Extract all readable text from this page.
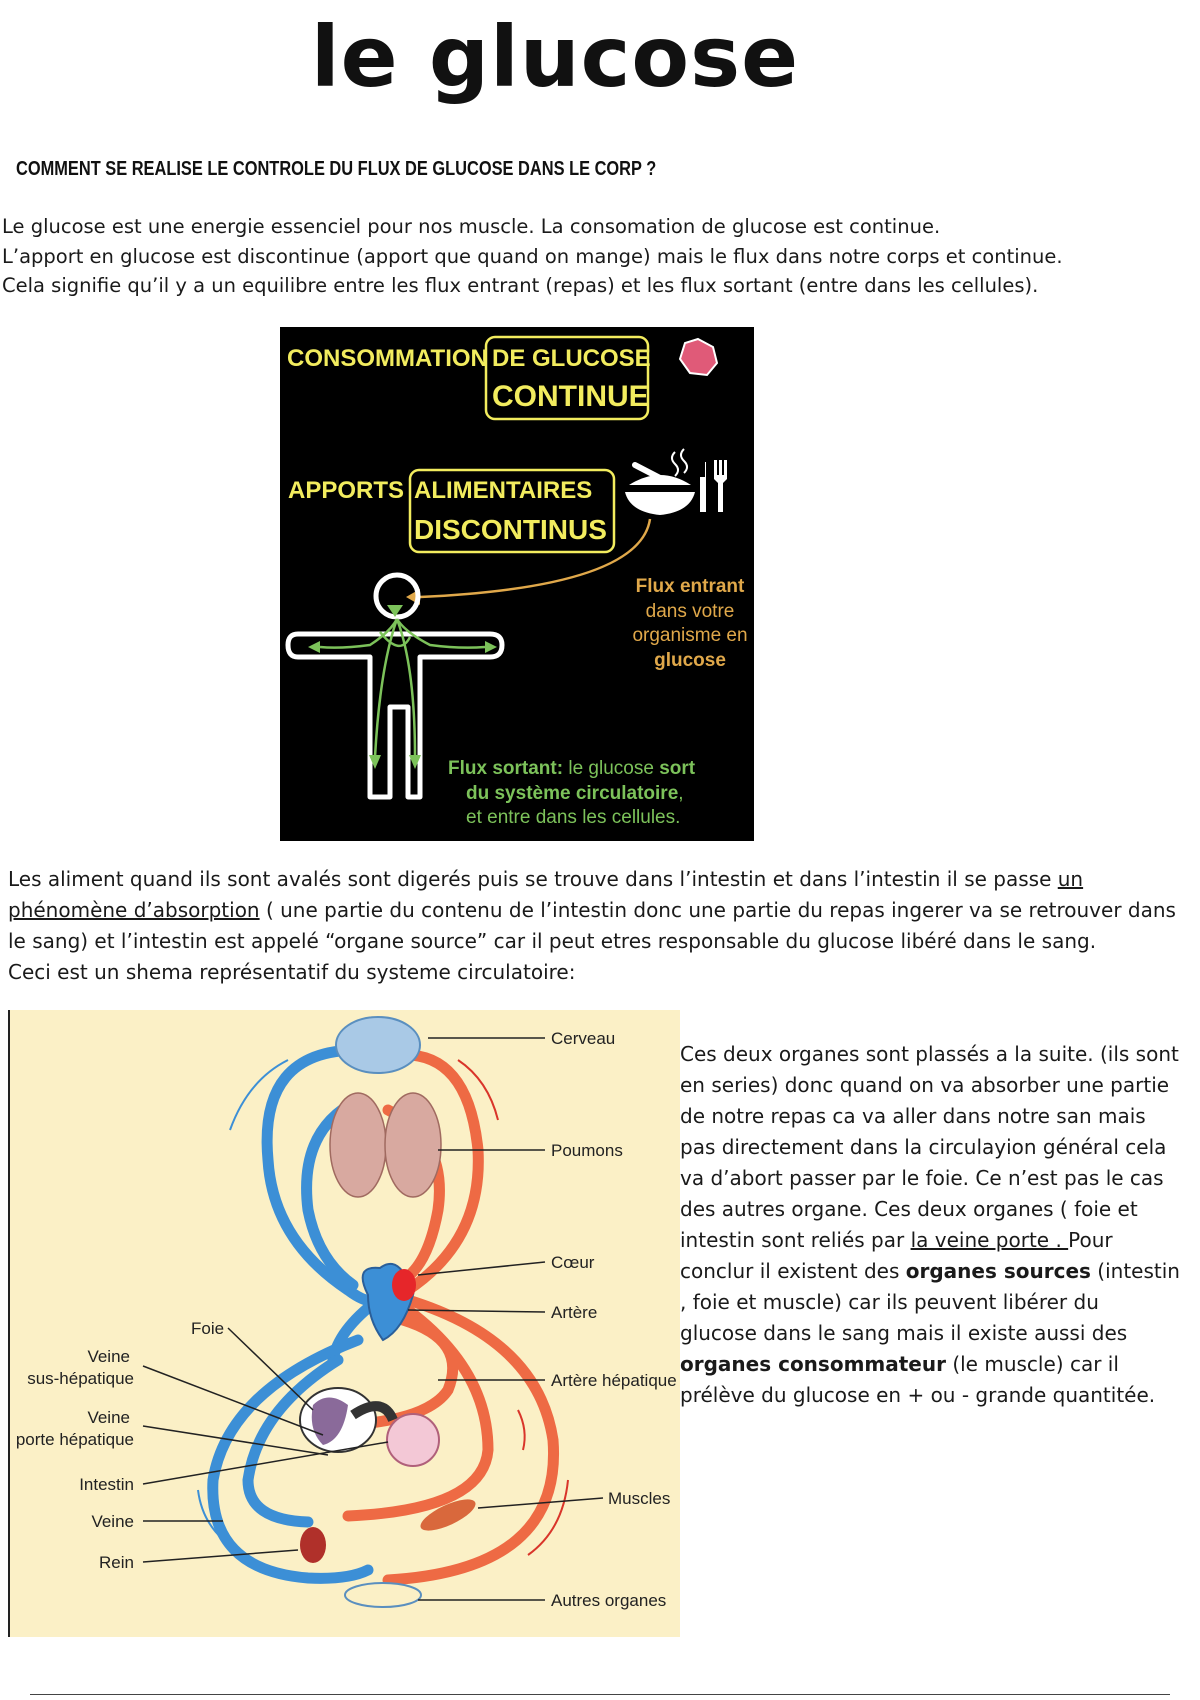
le glucose
COMMENT SE REALISE LE CONTROLE DU FLUX DE GLUCOSE DANS LE CORP ?

Le glucose est une energie essenciel pour nos muscle. La consomation de glucose est continue.

L’apport en glucose est discontinue (apport que quand on mange) mais le flux dans notre corps et continue.

Cela signifie qu’il y a un equilibre entre les flux entrant (repas) et les flux sortant (entre dans les cellules).

CONSOMMATION DE GLUCOSE
CONTINUE
APPORTS ALIMENTAIRES
DISCONTINUS
Flux entrant
dans votre
organisme en
glucose
Flux sortant: le glucose sort
du système circulatoire,
et entre dans les cellules.
Les aliment quand ils sont avalés sont digerés puis se trouve dans l’intestin et dans l’intestin il se passe un phénomène d’absorption ( une partie du contenu de l’intestin donc une partie du repas ingerer va se retrouver dans le sang) et l’intestin est appelé “organe source” car il peut etres responsable du glucose libéré dans le sang.
Ceci est un shema représentatif du systeme circulatoire:
Cerveau
Poumons
Cœur
Artère
Artère hépatique
Muscles
Autres organes
Foie
Veine
sus-hépatique
Veine
porte hépatique
Intestin
Veine
Rein
Ces deux organes sont plassés a la suite. (ils sont en series) donc quand on va absorber une partie de notre repas ca va aller dans notre san mais pas directement dans la circulayion général cela va d’abort passer par le foie. Ce n’est pas le cas des autres organe. Ces deux organes ( foie et intestin sont reliés par la veine porte . Pour conclur il existent des organes sources (intestin , foie et muscle) car ils peuvent libérer du glucose dans le sang mais il existe aussi des organes consommateur (le muscle) car il prélève du glucose en + ou - grande quantitée.
